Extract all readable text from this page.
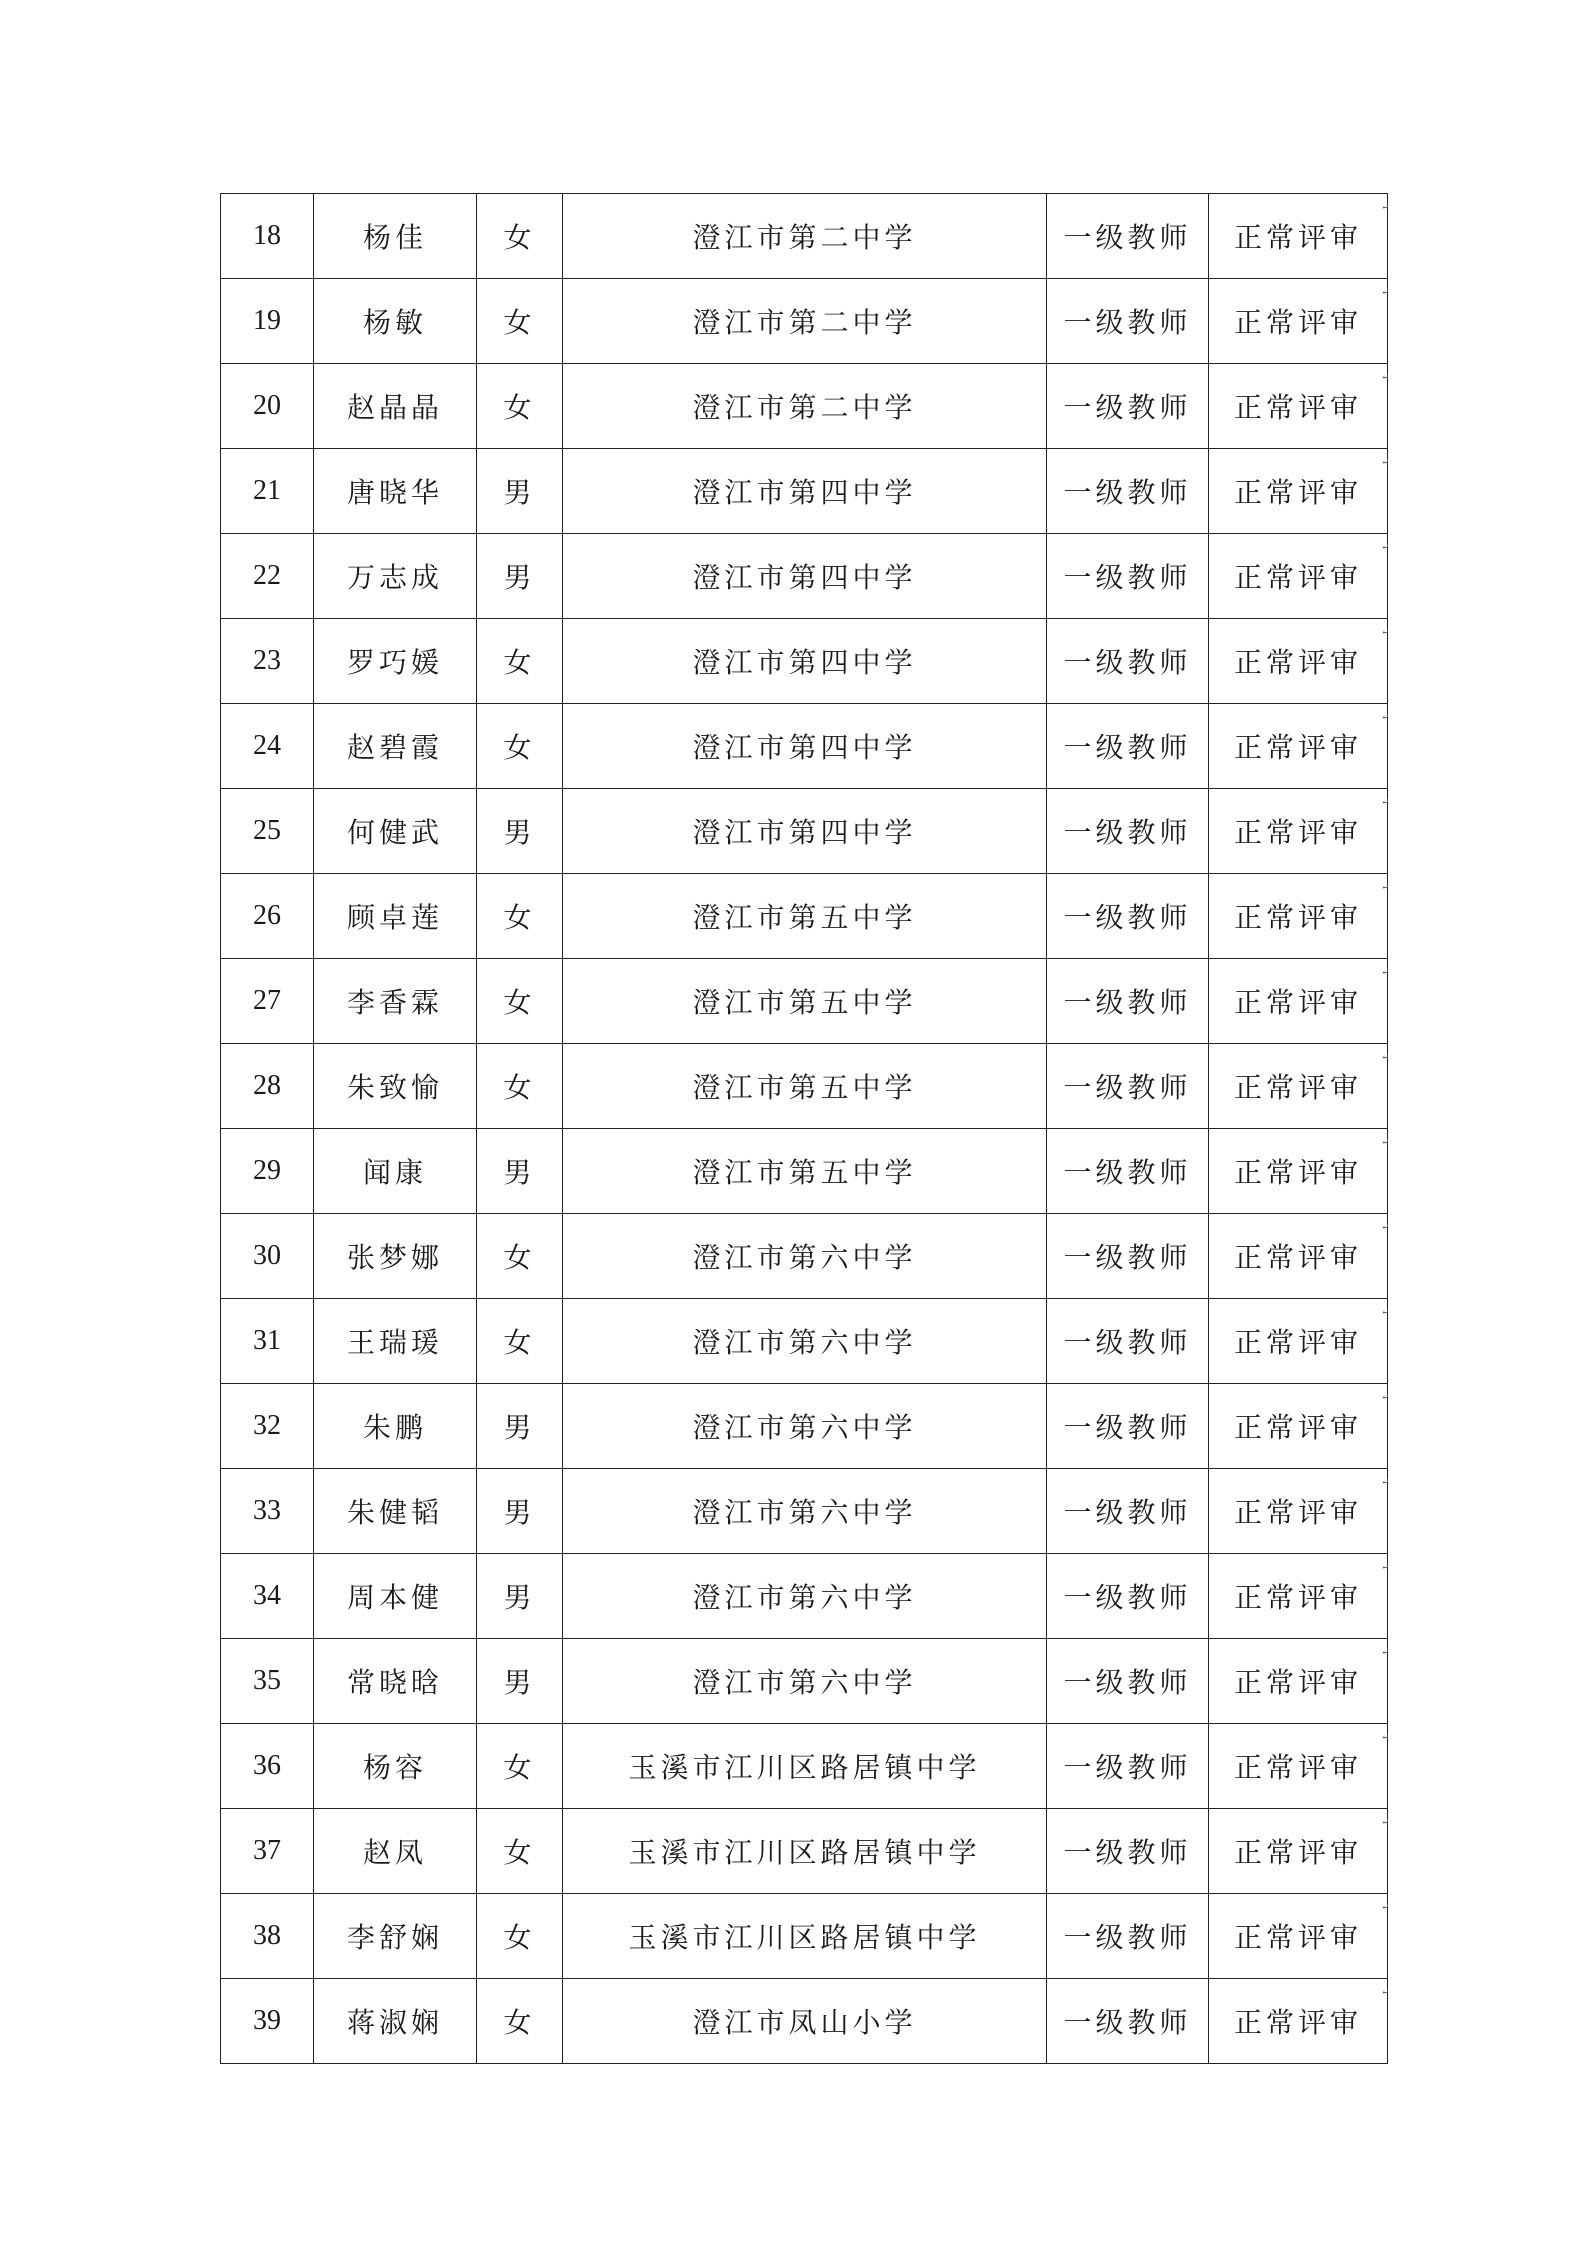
18	杨佳	女	澄江市第二中学	一级教师	正常评审
↵

19	杨敏	女	澄江市第二中学	一级教师	正常评审
↵

20	赵晶晶	女	澄江市第二中学	一级教师	正常评审
↵

21	唐晓华	男	澄江市第四中学	一级教师	正常评审
↵

22	万志成	男	澄江市第四中学	一级教师	正常评审
↵

23	罗巧媛	女	澄江市第四中学	一级教师	正常评审
↵

24	赵碧霞	女	澄江市第四中学	一级教师	正常评审
↵

25	何健武	男	澄江市第四中学	一级教师	正常评审
↵

26	顾卓莲	女	澄江市第五中学	一级教师	正常评审
↵

27	李香霖	女	澄江市第五中学	一级教师	正常评审
↵

28	朱致愉	女	澄江市第五中学	一级教师	正常评审
↵

29	闻康	男	澄江市第五中学	一级教师	正常评审
↵

30	张梦娜	女	澄江市第六中学	一级教师	正常评审
↵

31	王瑞瑗	女	澄江市第六中学	一级教师	正常评审
↵

32	朱鹏	男	澄江市第六中学	一级教师	正常评审
↵

33	朱健韬	男	澄江市第六中学	一级教师	正常评审
↵

34	周本健	男	澄江市第六中学	一级教师	正常评审
↵

35	常晓晗	男	澄江市第六中学	一级教师	正常评审
↵

36	杨容	女	玉溪市江川区路居镇中学	一级教师	正常评审
↵

37	赵凤	女	玉溪市江川区路居镇中学	一级教师	正常评审
↵

38	李舒娴	女	玉溪市江川区路居镇中学	一级教师	正常评审
↵

39	蒋淑娴	女	澄江市凤山小学	一级教师	正常评审
↵
